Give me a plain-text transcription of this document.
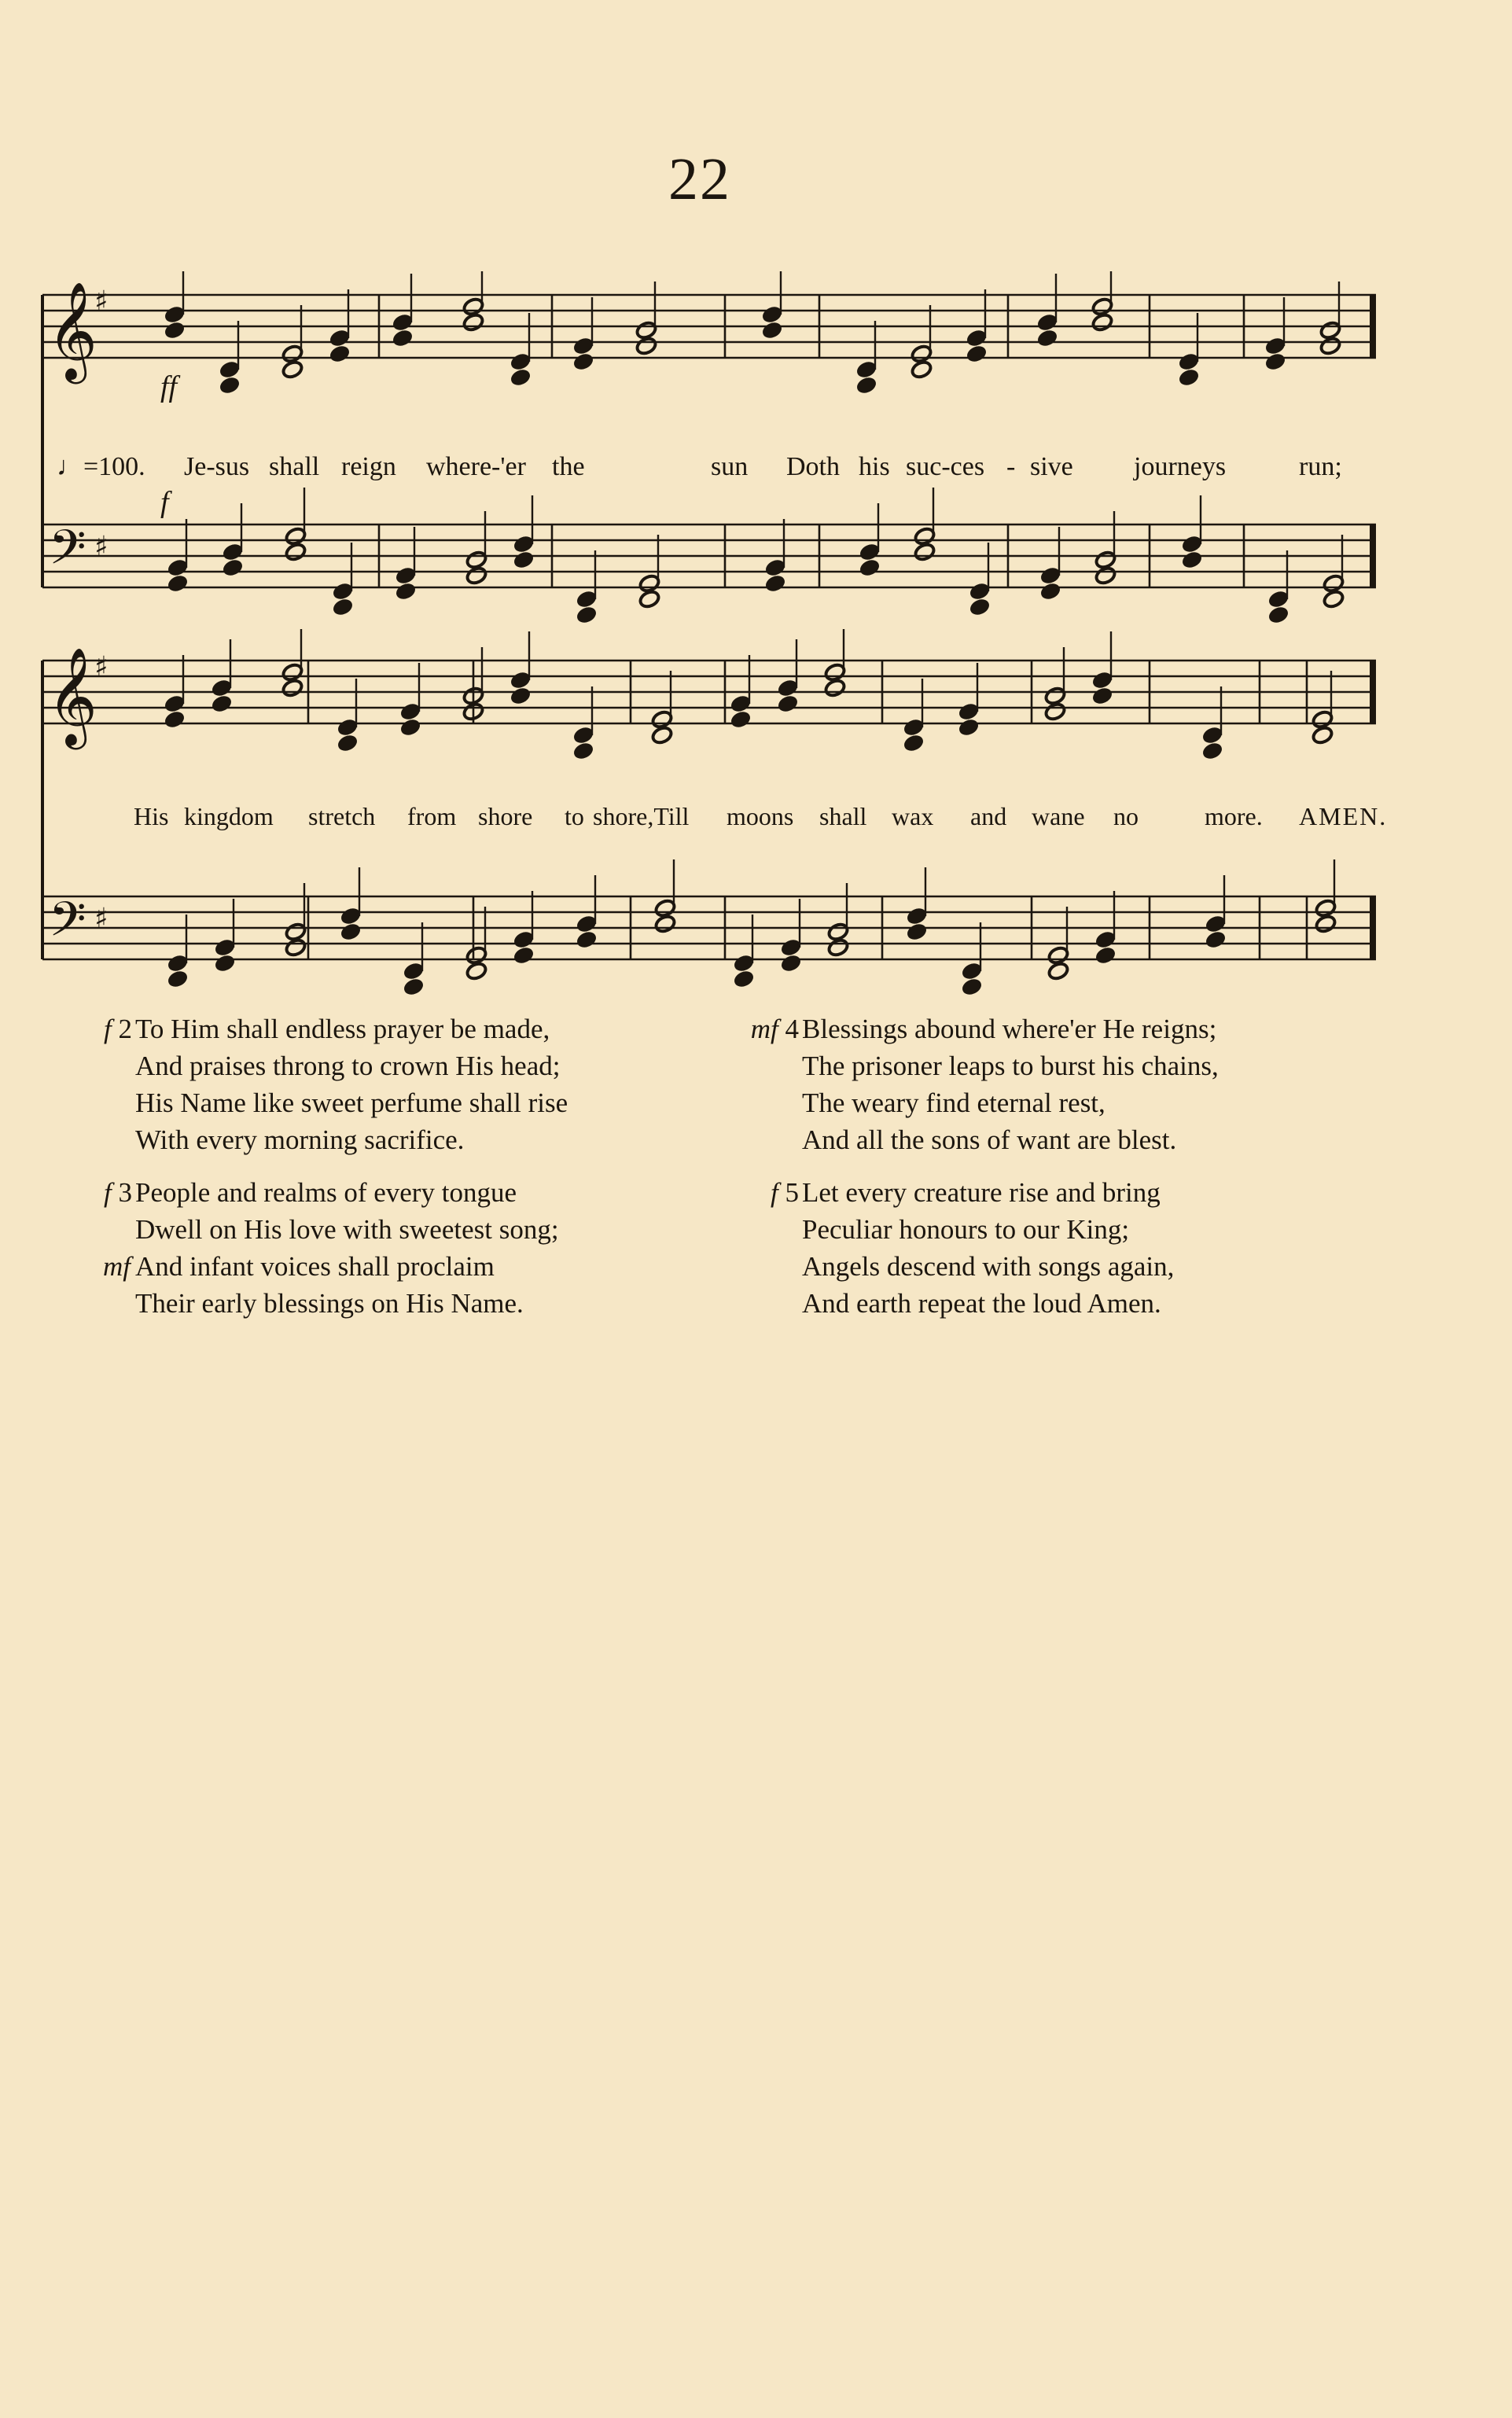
22
𝄞
𝄢
♯
♯
ff
f
♩=100. Je-sus shall reign where-'er the	sun Doth his suc-ces - sive journeys	run;
𝄞
𝄢
♯
♯
His kingdom stretch from shore to shore,Till moons shall wax and wane no	more. AMEN.
f 2 To Him shall endless prayer be made,
And praises throng to crown His head;
His Name like sweet perfume shall rise
With every morning sacrifice.
mf 4 Blessings abound where'er He reigns;
The prisoner leaps to burst his chains,
The weary find eternal rest,
And all the sons of want are blest.
f 3 People and realms of every tongue
Dwell on His love with sweetest song;
mf And infant voices shall proclaim
Their early blessings on His Name.
f 5 Let every creature rise and bring
Peculiar honours to our King;
Angels descend with songs again,
And earth repeat the loud Amen.
